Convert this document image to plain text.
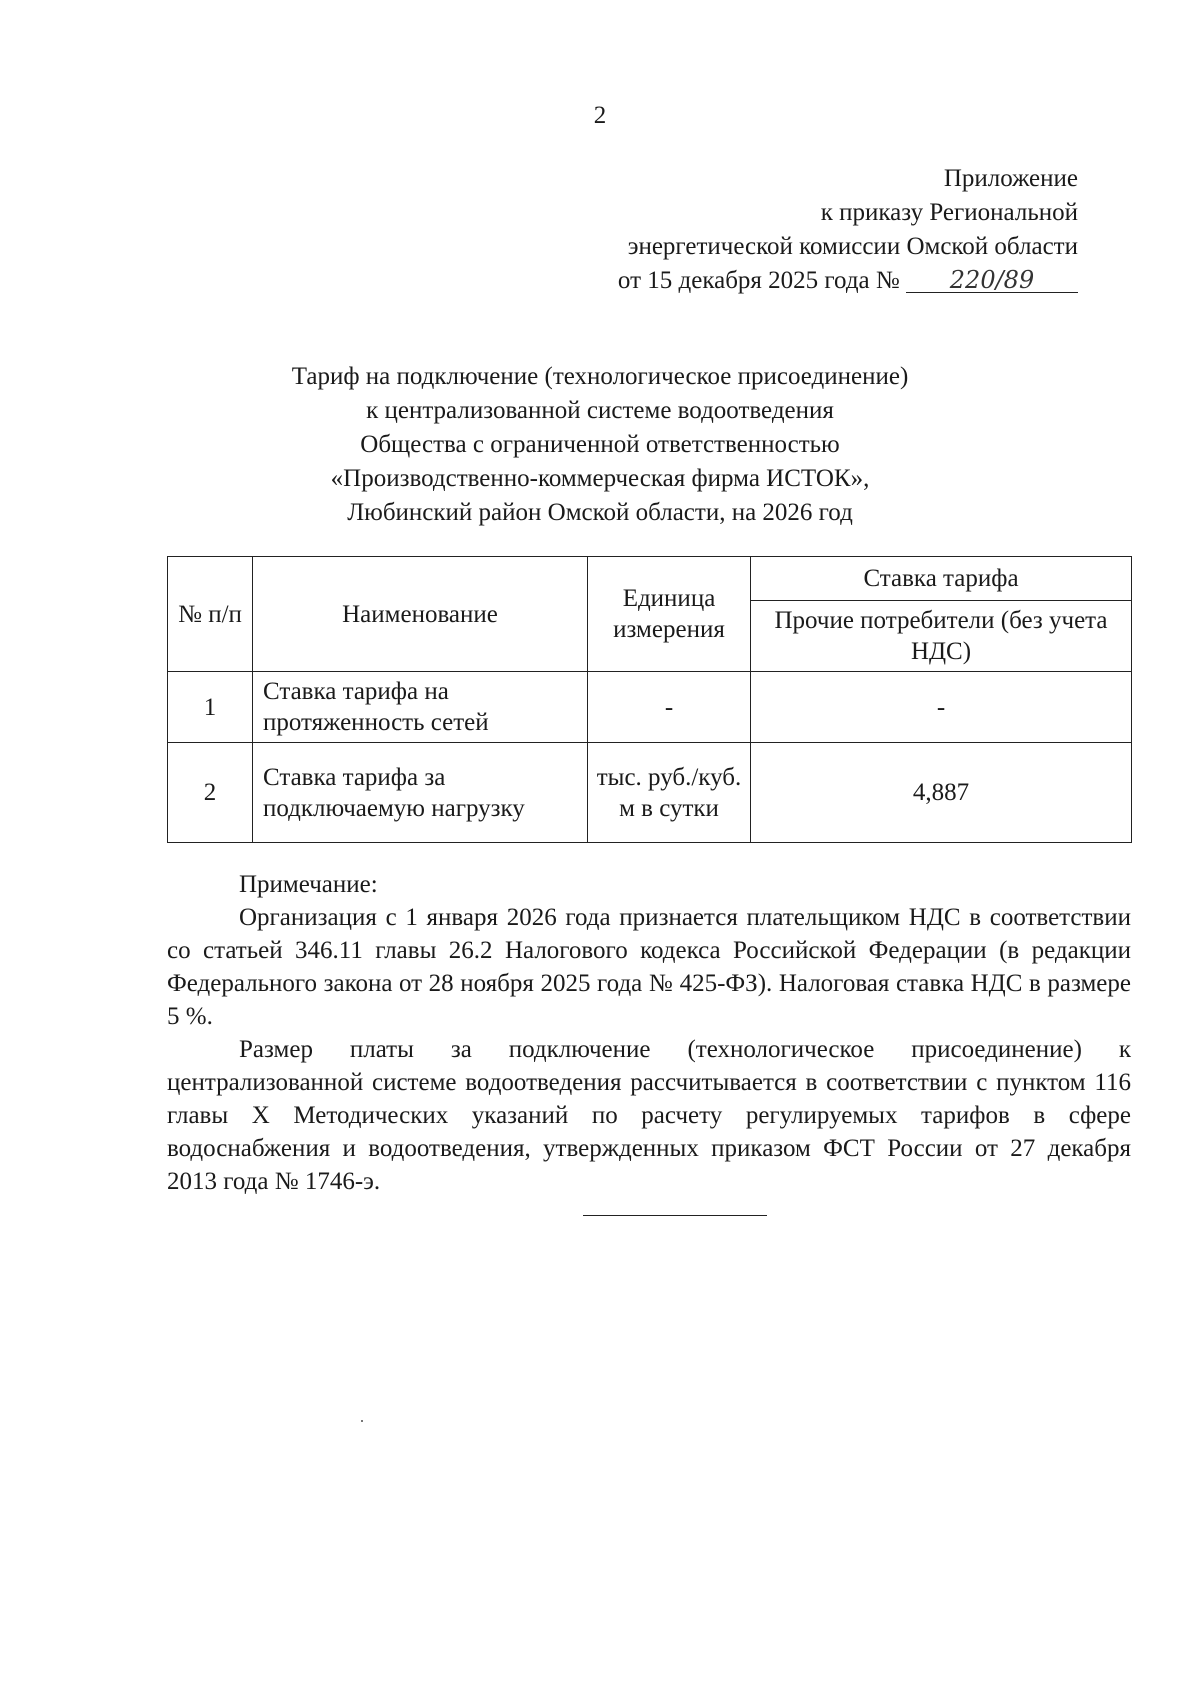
2
Приложение
к приказу Региональной
энергетической комиссии Омской области
от 15 декабря 2025 года № 220/89
Тариф на подключение (технологическое присоединение)
к централизованной системе водоотведения
Общества с ограниченной ответственностью
«Производственно-коммерческая фирма ИСТОК»,
Любинский район Омской области, на 2026 год
№ п/п	Наименование	Единица измерения	Ставка тарифа
			Прочие потребители (без учета НДС)
1	Ставка тарифа на протяженность сетей	-	-
2	Ставка тарифа за подключаемую нагрузку	тыс. руб./куб. м в сутки	4,887

Примечание:

Организация с 1 января 2026 года признается плательщиком НДС в соответствии со статьей 346.11 главы 26.2 Налогового кодекса Российской Федерации (в редакции Федерального закона от 28 ноября 2025 года № 425-ФЗ). Налоговая ставка НДС в размере 5 %.

Размер платы за подключение (технологическое присоединение) к централизованной системе водоотведения рассчитывается в соответствии с пунктом 116 главы X Методических указаний по расчету регулируемых тарифов в сфере водоснабжения и водоотведения, утвержденных приказом ФСТ России от 27 декабря 2013 года № 1746-э.
